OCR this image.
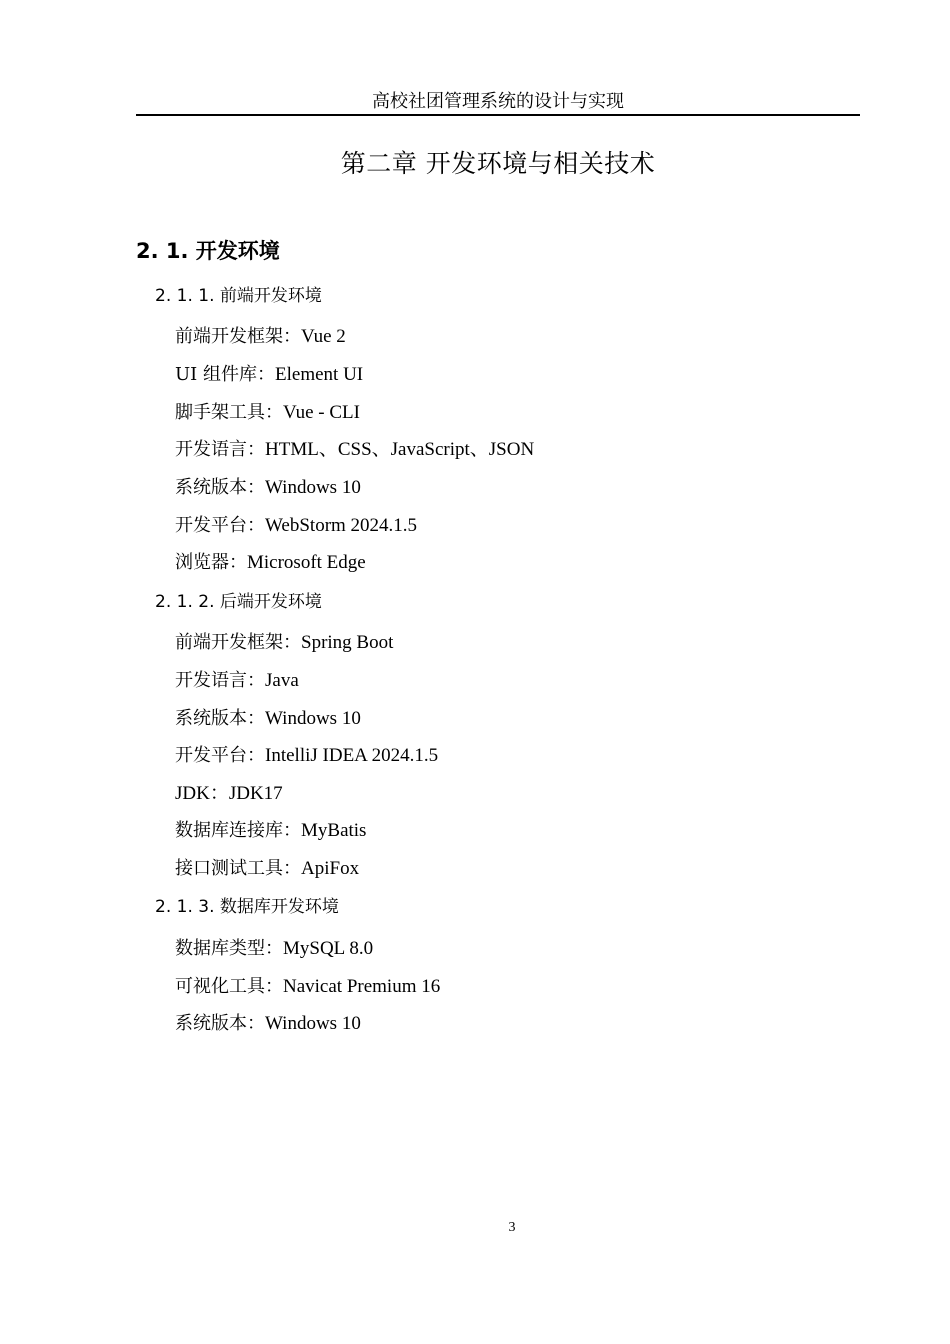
高校社团管理系统的设计与实现
第二章 开发环境与相关技术
2. 1. 开发环境
2. 1. 1. 前端开发环境
前端开发框架：Vue 2
UI 组件库：Element UI
脚手架工具：Vue - CLI
开发语言：HTML、CSS、JavaScript、JSON
系统版本：Windows 10
开发平台：WebStorm 2024.1.5
浏览器：Microsoft Edge
2. 1. 2. 后端开发环境
前端开发框架：Spring Boot
开发语言：Java
系统版本：Windows 10
开发平台：IntelliJ IDEA 2024.1.5
JDK：JDK17
数据库连接库：MyBatis
接口测试工具：ApiFox
2. 1. 3. 数据库开发环境
数据库类型：MySQL 8.0
可视化工具：Navicat Premium 16
系统版本：Windows 10
3
